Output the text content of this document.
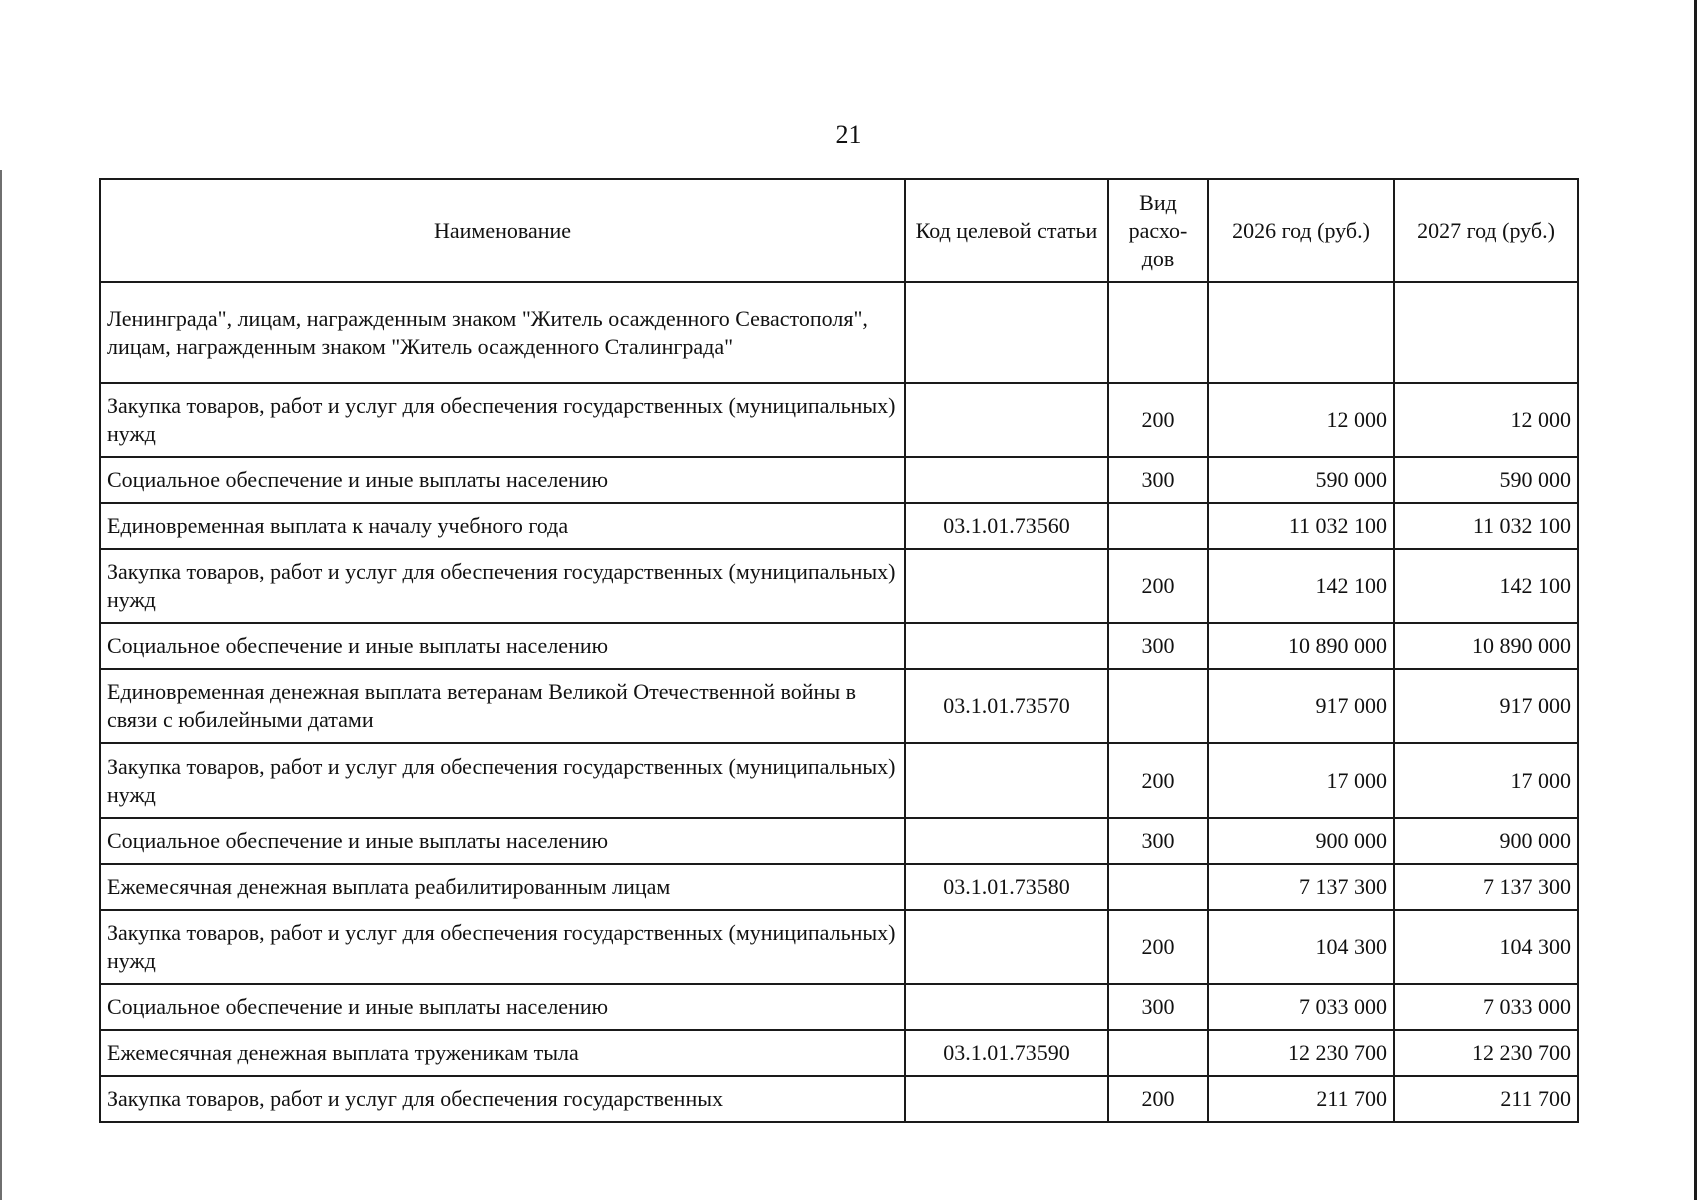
21
Наименование	Код целевой статьи	Вид расхо- дов	2026 год (руб.)	2027 год (руб.)
Ленинграда", лицам, награжденным знаком "Житель осажденного Севастополя", лицам, награжденным знаком "Житель осажденного Сталинграда"				
Закупка товаров, работ и услуг для обеспечения государственных (муниципальных) нужд		200	12 000	12 000
Социальное обеспечение и иные выплаты населению		300	590 000	590 000
Единовременная выплата к началу учебного года	03.1.01.73560		11 032 100	11 032 100
Закупка товаров, работ и услуг для обеспечения государственных (муниципальных) нужд		200	142 100	142 100
Социальное обеспечение и иные выплаты населению		300	10 890 000	10 890 000
Единовременная денежная выплата ветеранам Великой Отечественной войны в связи с юбилейными датами	03.1.01.73570		917 000	917 000
Закупка товаров, работ и услуг для обеспечения государственных (муниципальных) нужд		200	17 000	17 000
Социальное обеспечение и иные выплаты населению		300	900 000	900 000
Ежемесячная денежная выплата реабилитированным лицам	03.1.01.73580		7 137 300	7 137 300
Закупка товаров, работ и услуг для обеспечения государственных (муниципальных) нужд		200	104 300	104 300
Социальное обеспечение и иные выплаты населению		300	7 033 000	7 033 000
Ежемесячная денежная выплата труженикам тыла	03.1.01.73590		12 230 700	12 230 700
Закупка товаров, работ и услуг для обеспечения государственных		200	211 700	211 700
